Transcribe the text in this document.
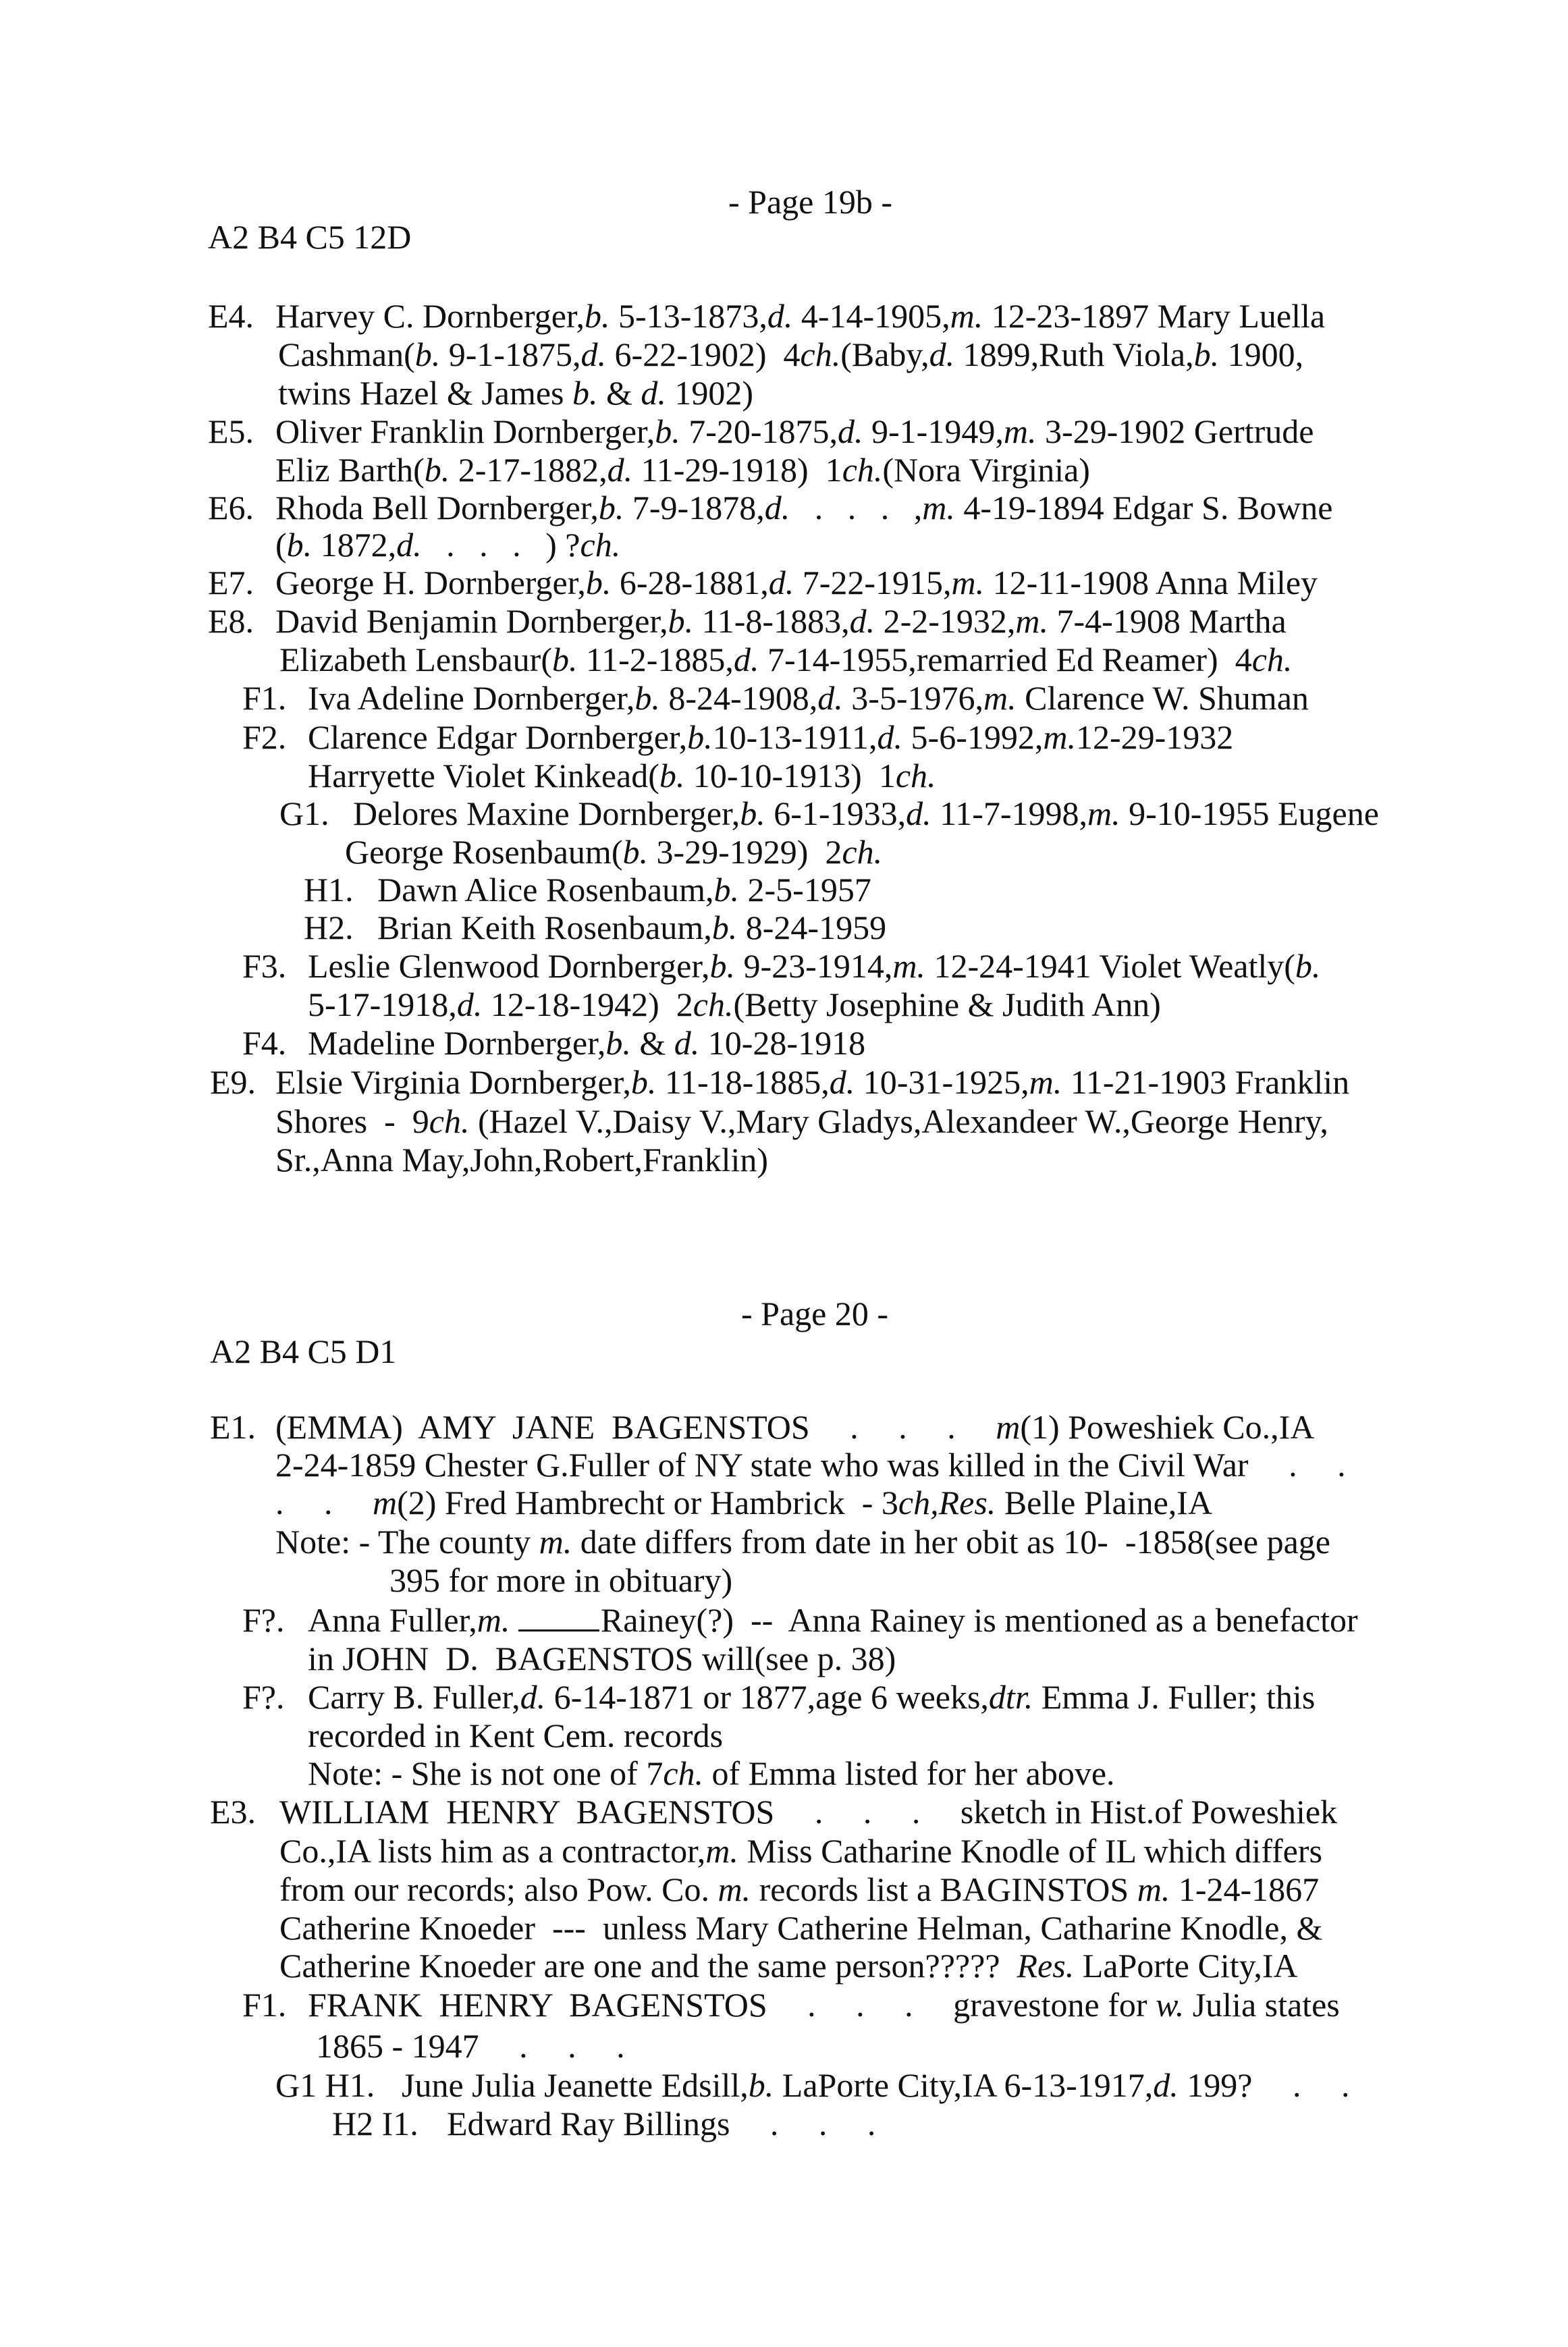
- Page 19b -
A2 B4 C5 12D
E4. Harvey C. Dornberger,b. 5-13-1873,d. 4-14-1905,m. 12-23-1897 Mary Luella
Cashman(b. 9-1-1875,d. 6-22-1902)  4ch.(Baby,d. 1899,Ruth Viola,b. 1900,
twins Hazel & James b. & d. 1902)
E5. Oliver Franklin Dornberger,b. 7-20-1875,d. 9-1-1949,m. 3-29-1902 Gertrude
Eliz Barth(b. 2-17-1882,d. 11-29-1918)  1ch.(Nora Virginia)
E6. Rhoda Bell Dornberger,b. 7-9-1878,d. . . . ,m. 4-19-1894 Edgar S. Bowne
(b. 1872,d. . . . ) ?ch.
E7. George H. Dornberger,b. 6-28-1881,d. 7-22-1915,m. 12-11-1908 Anna Miley
E8. David Benjamin Dornberger,b. 11-8-1883,d. 2-2-1932,m. 7-4-1908 Martha
Elizabeth Lensbaur(b. 11-2-1885,d. 7-14-1955,remarried Ed Reamer)  4ch.
F1. Iva Adeline Dornberger,b. 8-24-1908,d. 3-5-1976,m. Clarence W. Shuman
F2. Clarence Edgar Dornberger,b.10-13-1911,d. 5-6-1992,m.12-29-1932
Harryette Violet Kinkead(b. 10-10-1913)  1ch.
G1. Delores Maxine Dornberger,b. 6-1-1933,d. 11-7-1998,m. 9-10-1955 Eugene
George Rosenbaum(b. 3-29-1929)  2ch.
H1. Dawn Alice Rosenbaum,b. 2-5-1957
H2. Brian Keith Rosenbaum,b. 8-24-1959
F3. Leslie Glenwood Dornberger,b. 9-23-1914,m. 12-24-1941 Violet Weatly(b.
5-17-1918,d. 12-18-1942)  2ch.(Betty Josephine & Judith Ann)
F4. Madeline Dornberger,b. & d. 10-28-1918
E9. Elsie Virginia Dornberger,b. 11-18-1885,d. 10-31-1925,m. 11-21-1903 Franklin
Shores  -  9ch. (Hazel V.,Daisy V.,Mary Gladys,Alexandeer W.,George Henry,
Sr.,Anna May,John,Robert,Franklin)
- Page 20 -
A2 B4 C5 D1
E1. (EMMA)  AMY  JANE  BAGENSTOS . . . m(1) Poweshiek Co.,IA
2-24-1859 Chester G.Fuller of NY state who was killed in the Civil War . .
. . m(2) Fred Hambrecht or Hambrick  - 3ch,Res. Belle Plaine,IA
Note: - The county m. date differs from date in her obit as 10-  -1858(see page
395 for more in obituary)
F?. Anna Fuller,m.	Rainey(?)  --  Anna Rainey is mentioned as a benefactor
in JOHN  D.  BAGENSTOS will(see p. 38)
F?. Carry B. Fuller,d. 6-14-1871 or 1877,age 6 weeks,dtr. Emma J. Fuller; this
recorded in Kent Cem. records
Note: - She is not one of 7ch. of Emma listed for her above.
E3. WILLIAM  HENRY  BAGENSTOS . . . sketch in Hist.of Poweshiek
Co.,IA lists him as a contractor,m. Miss Catharine Knodle of IL which differs
from our records; also Pow. Co. m. records list a BAGINSTOS m. 1-24-1867
Catherine Knoeder  ---  unless Mary Catherine Helman, Catharine Knodle, &
Catherine Knoeder are one and the same person?????  Res. LaPorte City,IA
F1. FRANK  HENRY  BAGENSTOS . . . gravestone for w. Julia states
1865 - 1947 . . .
G1 H1. June Julia Jeanette Edsill,b. LaPorte City,IA 6-13-1917,d. 199? . .
H2 I1. Edward Ray Billings . . .
